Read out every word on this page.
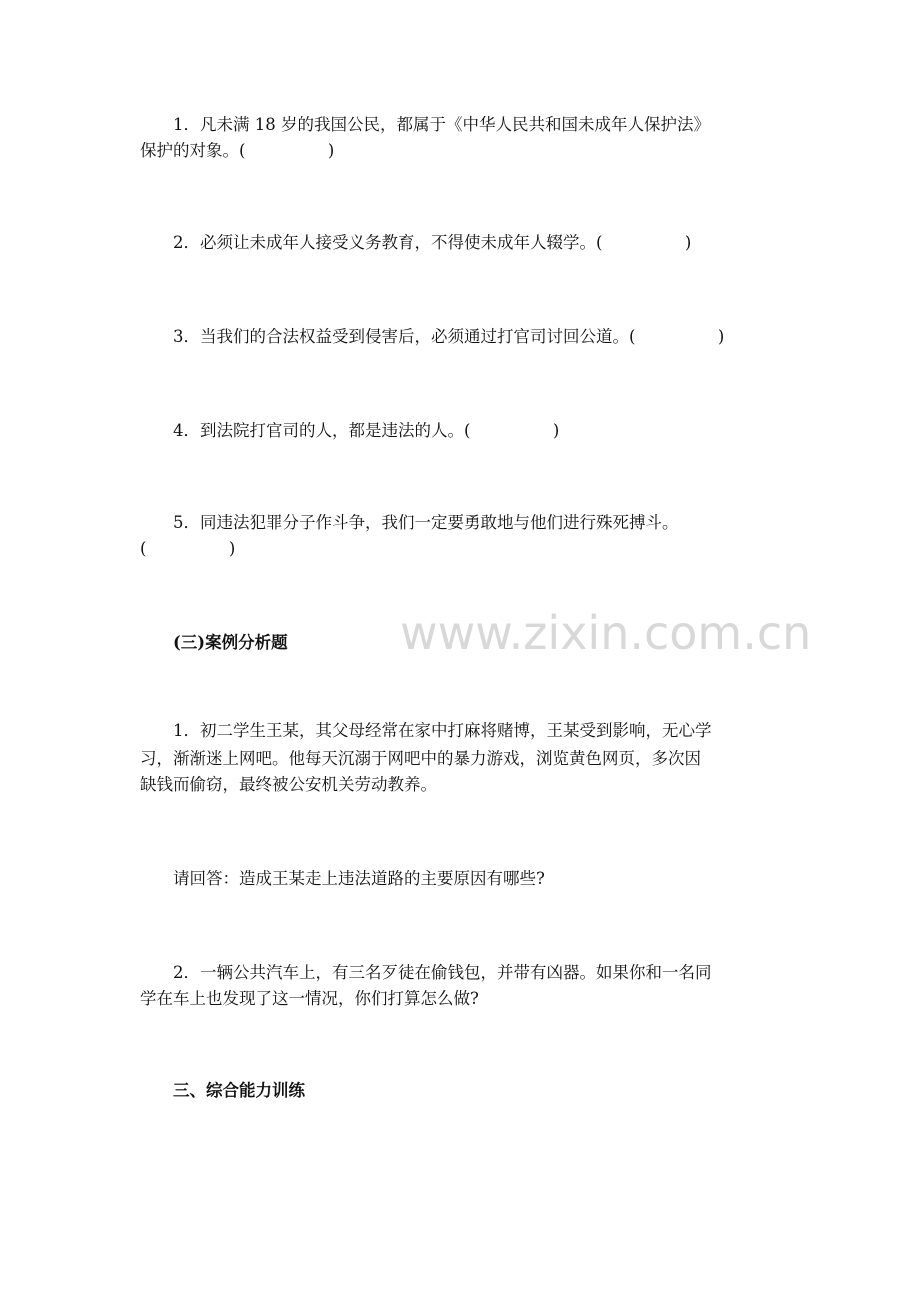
www.zixin.com.cn

1．凡未满 18 岁的我国公民，都属于《中华人民共和国未成年人保护法》

保护的对象。(　　　　　)

2．必须让未成年人接受义务教育，不得使未成年人辍学。(　　　　　)

3．当我们的合法权益受到侵害后，必须通过打官司讨回公道。(　　　　　)

4．到法院打官司的人，都是违法的人。(　　　　　)

5．同违法犯罪分子作斗争，我们一定要勇敢地与他们进行殊死搏斗。

(　　　　　)

(三)案例分析题

1．初二学生王某，其父母经常在家中打麻将赌博，王某受到影响，无心学

习，渐渐迷上网吧。他每天沉溺于网吧中的暴力游戏，浏览黄色网页，多次因

缺钱而偷窃，最终被公安机关劳动教养。

请回答：造成王某走上违法道路的主要原因有哪些?

2．一辆公共汽车上，有三名歹徒在偷钱包，并带有凶器。如果你和一名同

学在车上也发现了这一情况，你们打算怎么做?

三、综合能力训练
